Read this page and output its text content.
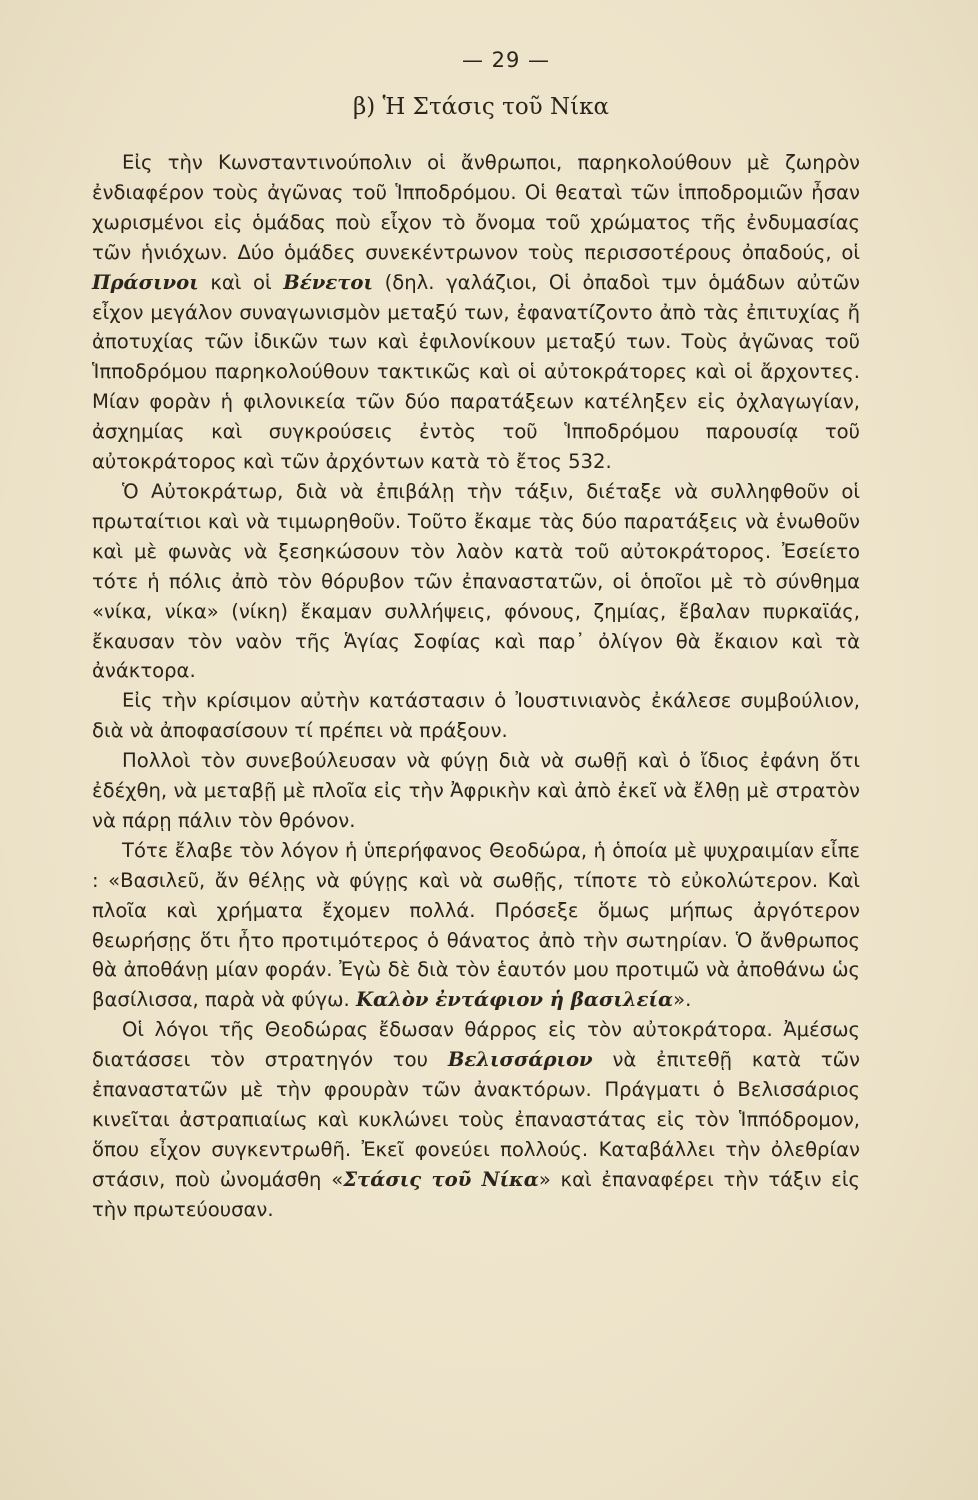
— 29 —
β) Ἡ Στάσις τοῦ Νίκα

Εἰς τὴν Κωνσταντινούπολιν οἱ ἄνθρωποι, παρηκολούθουν μὲ ζωηρὸν ἐνδιαφέρον τοὺς ἀγῶνας τοῦ Ἱπποδρόμου. Οἱ θεαταὶ τῶν ἱπποδρομιῶν ἦσαν χωρισμένοι εἰς ὁμάδας ποὺ εἶχον τὸ ὄνομα τοῦ χρώματος τῆς ἐνδυμασίας τῶν ἡνιόχων. Δύο ὁμάδες συνεκέντρωνον τοὺς περισσοτέρους ὀπαδούς, οἱ Πράσινοι καὶ οἱ Βένετοι (δηλ. γαλάζιοι, Οἱ ὀπαδοὶ τμν ὁμάδων αὐτῶν εἶχον μεγάλον συναγωνισμὸν μεταξύ των, ἐφανατίζοντο ἀπὸ τὰς ἐπιτυχίας ἤ ἀποτυχίας τῶν ἰδικῶν των καὶ ἐφιλονίκουν μεταξύ των. Τοὺς ἀγῶνας τοῦ Ἱπποδρόμου παρηκολούθουν τακτικῶς καὶ οἱ αὐτοκράτορες καὶ οἱ ἄρχοντες. Μίαν φορὰν ἡ φιλονικεία τῶν δύο παρατάξεων κατέληξεν εἰς ὀχλαγωγίαν, ἀσχημίας καὶ συγκρούσεις ἐντὸς τοῦ Ἱπποδρόμου παρουσίᾳ τοῦ αὐτοκράτορος καὶ τῶν ἀρχόντων κατὰ τὸ ἔτος 532.

Ὁ Αὐτοκράτωρ, διὰ νὰ ἐπιβάλῃ τὴν τάξιν, διέταξε νὰ συλληφθοῦν οἱ πρωταίτιοι καὶ νὰ τιμωρηθοῦν. Τοῦτο ἔκαμε τὰς δύο παρατάξεις νὰ ἑνωθοῦν καὶ μὲ φωνὰς νὰ ξεσηκώσουν τὸν λαὸν κατὰ τοῦ αὐτοκράτορος. Ἐσείετο τότε ἡ πόλις ἀπὸ τὸν θόρυβον τῶν ἐπαναστατῶν, οἱ ὁποῖοι μὲ τὸ σύνθημα «νίκα, νίκα» (νίκη) ἔκαμαν συλλήψεις, φόνους, ζημίας, ἔβαλαν πυρκαϊάς, ἔκαυσαν τὸν ναὸν τῆς Ἁγίας Σοφίας καὶ παρ᾽ ὀλίγον θὰ ἔκαιον καὶ τὰ ἀνάκτορα.

Εἰς τὴν κρίσιμον αὐτὴν κατάστασιν ὁ Ἰουστινιανὸς ἐκάλεσε συμβούλιον, διὰ νὰ ἀποφασίσουν τί πρέπει νὰ πράξουν.

Πολλοὶ τὸν συνεβούλευσαν νὰ φύγῃ διὰ νὰ σωθῇ καὶ ὁ ἴδιος ἐφάνη ὅτι ἐδέχθη, νὰ μεταβῇ μὲ πλοῖα εἰς τὴν Ἀφρικὴν καὶ ἀπὸ ἐκεῖ νὰ ἔλθῃ μὲ στρατὸν νὰ πάρῃ πάλιν τὸν θρόνον.

Τότε ἔλαβε τὸν λόγον ἡ ὑπερήφανος Θεοδώρα, ἡ ὁποία μὲ ψυχραιμίαν εἶπε : «Βασιλεῦ, ἄν θέλῃς νὰ φύγῃς καὶ νὰ σωθῇς, τίποτε τὸ εὐκολώτερον. Καὶ πλοῖα καὶ χρήματα ἔχομεν πολλά. Πρόσεξε ὅμως μήπως ἀργότερον θεωρήσῃς ὅτι ἦτο προτιμότερος ὁ θάνατος ἀπὸ τὴν σωτηρίαν. Ὁ ἄνθρωπος θὰ ἀποθάνῃ μίαν φοράν. Ἐγὼ δὲ διὰ τὸν ἑαυτόν μου προτιμῶ νὰ ἀποθάνω ὡς βασίλισσα, παρὰ νὰ φύγω. Καλὸν ἐντάφιον ἡ βασιλεία».

Οἱ λόγοι τῆς Θεοδώρας ἔδωσαν θάρρος εἰς τὸν αὐτοκράτορα. Ἀμέσως διατάσσει τὸν στρατηγόν του Βελισσάριον νὰ ἐπιτεθῇ κατὰ τῶν ἐπαναστατῶν μὲ τὴν φρουρὰν τῶν ἀνακτόρων. Πράγματι ὁ Βελισσάριος κινεῖται ἀστραπιαίως καὶ κυκλώνει τοὺς ἐπαναστάτας εἰς τὸν Ἱππόδρομον, ὅπου εἶχον συγκεντρωθῆ. Ἐκεῖ φονεύει πολλούς. Καταβάλλει τὴν ὀλεθρίαν στάσιν, ποὺ ὠνομάσθη «Στάσις τοῦ Νίκα» καὶ ἐπαναφέρει τὴν τάξιν εἰς τὴν πρωτεύουσαν.
